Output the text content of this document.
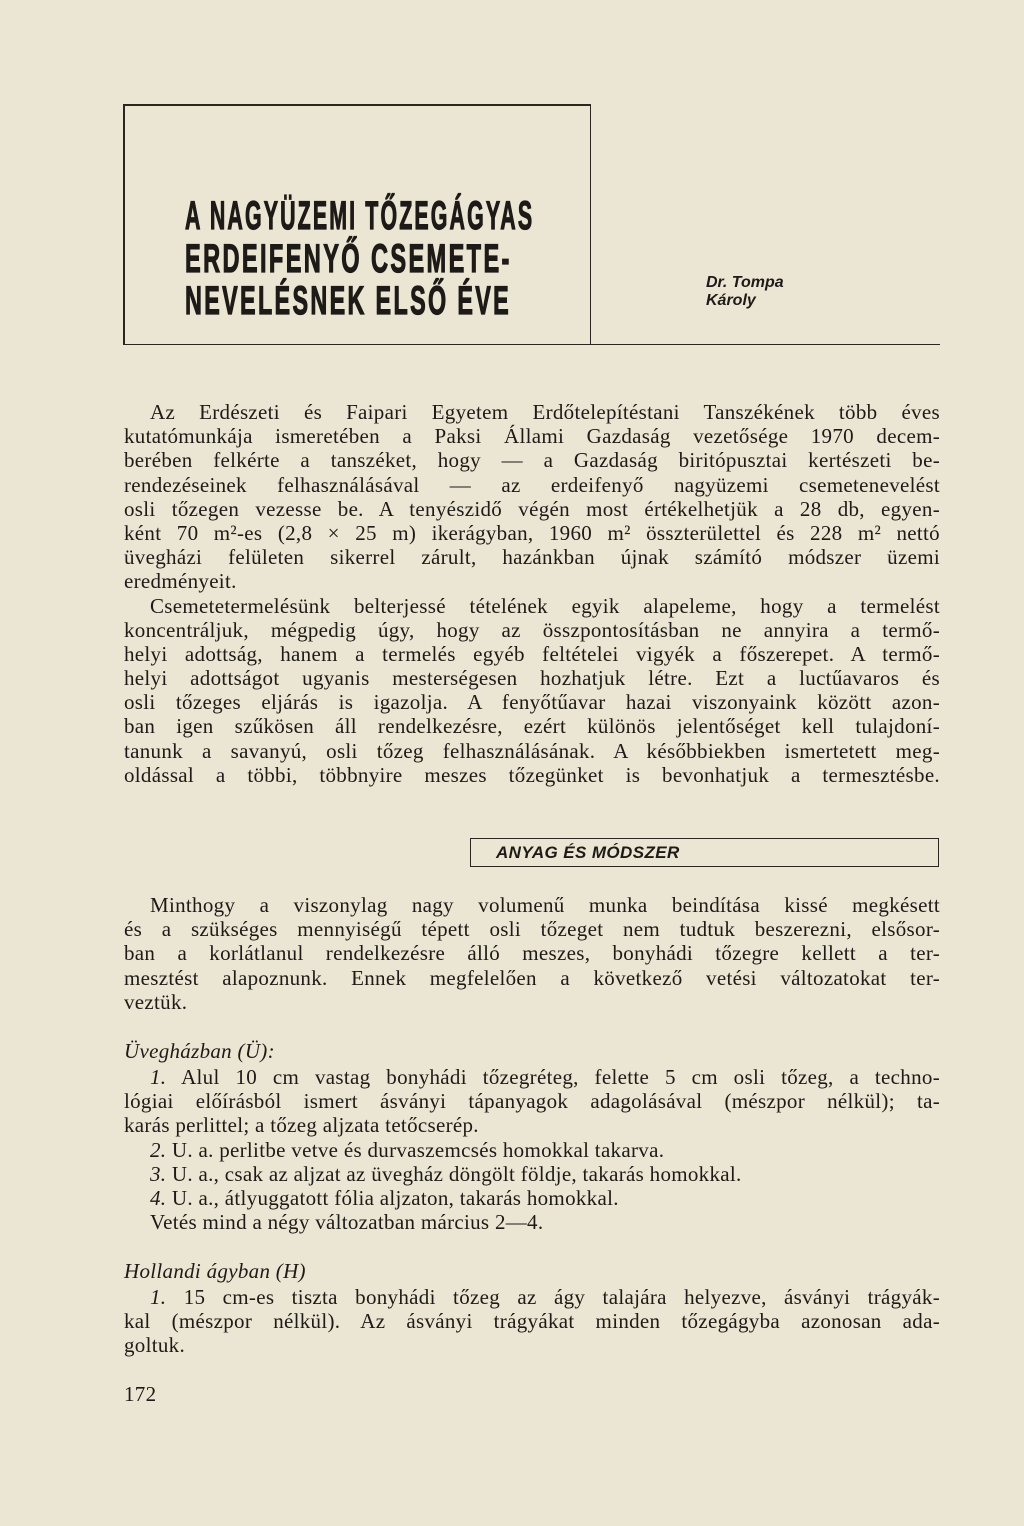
A NAGYÜZEMI TŐZEGÁGYAS
ERDEIFENYŐ CSEMETE-
NEVELÉSNEK ELSŐ ÉVE	Dr. Tompa
Károly
Az Erdészeti és Faipari Egyetem Erdőtelepítéstani Tanszékének több éves
kutatómunkája ismeretében a Paksi Állami Gazdaság vezetősége 1970 decem-
berében felkérte a tanszéket, hogy — a Gazdaság biritópusztai kertészeti be-
rendezéseinek felhasználásával — az erdeifenyő nagyüzemi csemetenevelést
osli tőzegen vezesse be. A tenyészidő végén most értékelhetjük a 28 db, egyen-
ként 70 m²-es (2,8 × 25 m) ikerágyban, 1960 m² összterülettel és 228 m² nettó
üvegházi felületen sikerrel zárult, hazánkban újnak számító módszer üzemi
eredményeit.
Csemetetermelésünk belterjessé tételének egyik alapeleme, hogy a termelést
koncentráljuk, mégpedig úgy, hogy az összpontosításban ne annyira a termő-
helyi adottság, hanem a termelés egyéb feltételei vigyék a főszerepet. A termő-
helyi adottságot ugyanis mesterségesen hozhatjuk létre. Ezt a luctűavaros és
osli tőzeges eljárás is igazolja. A fenyőtűavar hazai viszonyaink között azon-
ban igen szűkösen áll rendelkezésre, ezért különös jelentőséget kell tulajdoní-
tanunk a savanyú, osli tőzeg felhasználásának. A későbbiekben ismertetett meg-
oldással a többi, többnyire meszes tőzegünket is bevonhatjuk a termesztésbe.
ANYAG ÉS MÓDSZER
Minthogy a viszonylag nagy volumenű munka beindítása kissé megkésett
és a szükséges mennyiségű tépett osli tőzeget nem tudtuk beszerezni, elsősor-
ban a korlátlanul rendelkezésre álló meszes, bonyhádi tőzegre kellett a ter-
mesztést alapoznunk. Ennek megfelelően a következő vetési változatokat ter-
veztük.
Üvegházban (Ü):
1. Alul 10 cm vastag bonyhádi tőzegréteg, felette 5 cm osli tőzeg, a techno-
lógiai előírásból ismert ásványi tápanyagok adagolásával (mészpor nélkül); ta-
karás perlittel; a tőzeg aljzata tetőcserép.
2. U. a. perlitbe vetve és durvaszemcsés homokkal takarva.
3. U. a., csak az aljzat az üvegház döngölt földje, takarás homokkal.
4. U. a., átlyuggatott fólia aljzaton, takarás homokkal.
Vetés mind a négy változatban március 2—4.
Hollandi ágyban (H)
1. 15 cm-es tiszta bonyhádi tőzeg az ágy talajára helyezve, ásványi trágyák-
kal (mészpor nélkül). Az ásványi trágyákat minden tőzegágyba azonosan ada-
goltuk.
172
